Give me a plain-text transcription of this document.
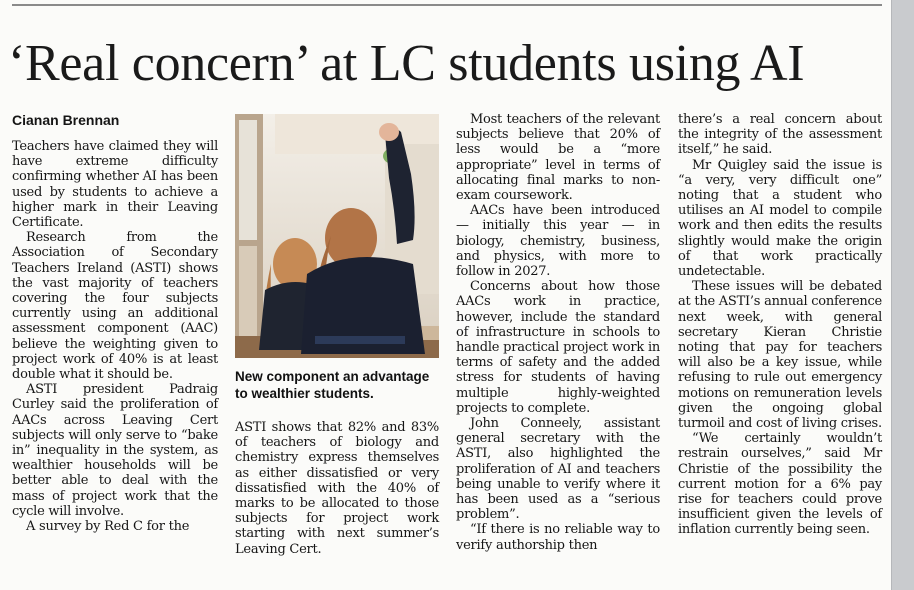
‘Real concern’ at LC students using AI
Cianan Brennan

Teachers have claimed they will have extreme difficulty confirming whether AI has been used by students to achieve a higher mark in their Leaving Certificate.

Research from the Association of Secondary Teachers Ireland (ASTI) shows the vast majority of teachers covering the four subjects currently using an additional assessment component (AAC) believe the weighting given to project work of 40% is at least double what it should be.

ASTI president Padraig Curley said the proliferation of AACs across Leaving Cert subjects will only serve to “bake in” inequality in the system, as wealthier households will be better able to deal with the mass of project work that the cycle will involve.

A survey by Red C for the

New component an advantage to wealthier students.

ASTI shows that 82% and 83% of teachers of biology and chemistry express themselves as either dissatisfied or very dissatisfied with the 40% of marks to be allocated to those subjects for project work starting with next summer’s Leaving Cert.

Most teachers of the relevant subjects believe that 20% of less would be a “more appropriate” level in terms of allocating final marks to non-exam coursework.

AACs have been introduced — initially this year — in biology, chemistry, business, and physics, with more to follow in 2027.

Concerns about how those AACs work in practice, however, include the standard of infrastructure in schools to handle practical project work in terms of safety and the added stress for students of having multiple highly-weighted projects to complete.

John Conneely, assistant general secretary with the ASTI, also highlighted the proliferation of AI and teachers being unable to verify where it has been used as a “serious problem”.

“If there is no reliable way to verify authorship then

there’s a real concern about the integrity of the assessment itself,” he said.

Mr Quigley said the issue is “a very, very difficult one” noting that a student who utilises an AI model to compile work and then edits the results slightly would make the origin of that work practically undetectable.

These issues will be debated at the ASTI’s annual conference next week, with general secretary Kieran Christie noting that pay for teachers will also be a key issue, while refusing to rule out emergency motions on remuneration levels given the ongoing global turmoil and cost of living crises.

“We certainly wouldn’t restrain ourselves,” said Mr Christie of the possibility the current motion for a 6% pay rise for teachers could prove insufficient given the levels of inflation currently being seen.
